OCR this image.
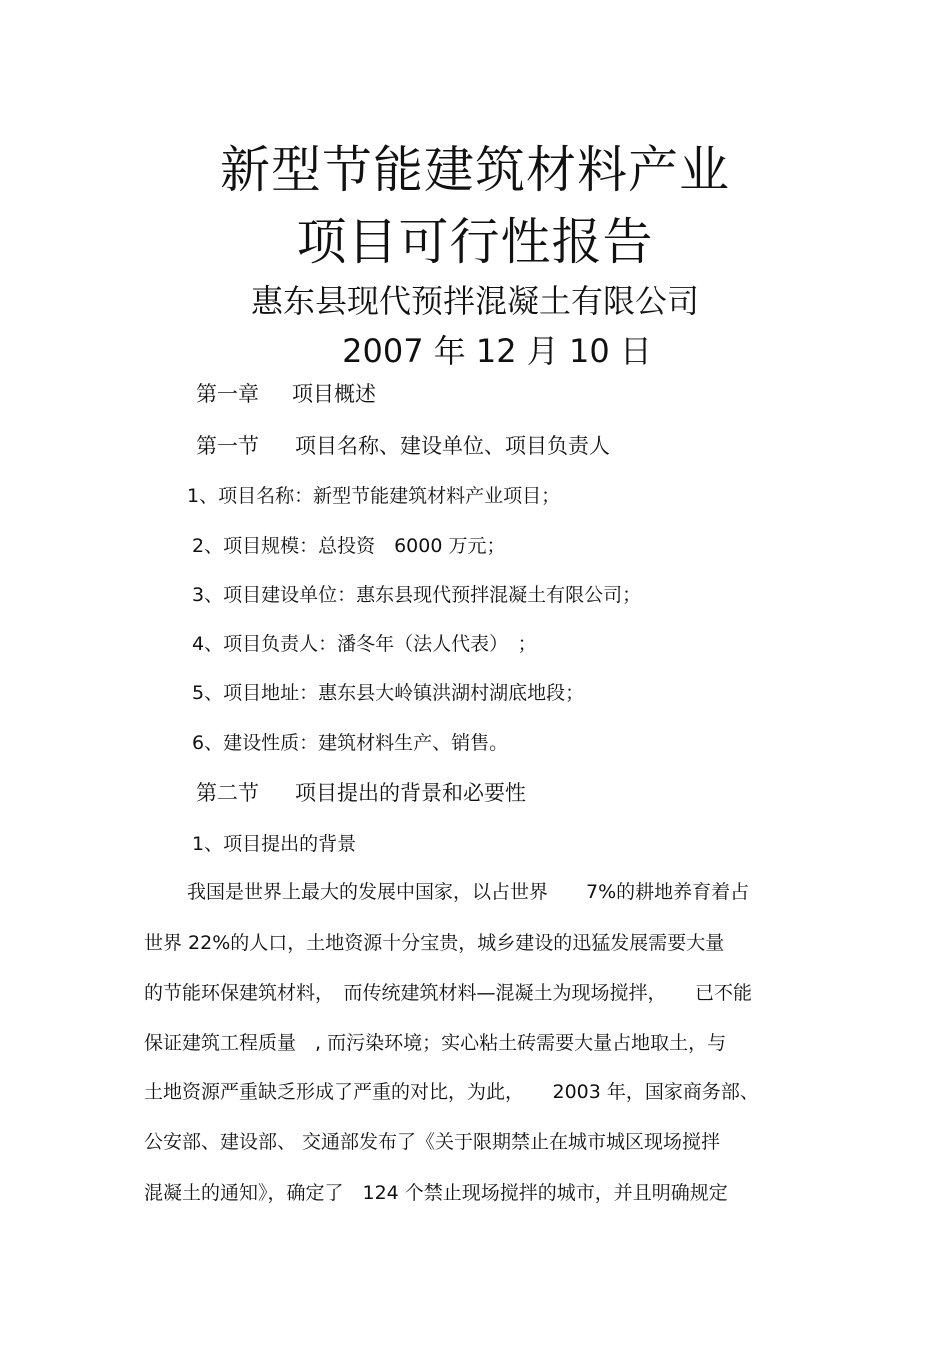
新型节能建筑材料产业
项目可行性报告
惠东县现代预拌混凝土有限公司
2007 年 12 月 10 日
第一章 项目概述
第一节 项目名称、建设单位、项目负责人
1、项目名称：新型节能建筑材料产业项目；
2、项目规模：总投资　6000 万元；
3、项目建设单位：惠东县现代预拌混凝土有限公司；
4、项目负责人：潘冬年（法人代表）　；
5、项目地址：惠东县大岭镇洪湖村湖底地段；
6、建设性质：建筑材料生产、销售。
第二节 项目提出的背景和必要性
1、项目提出的背景
我国是世界上最大的发展中国家，以占世界　　7%的耕地养育着占
世界 22%的人口，土地资源十分宝贵，城乡建设的迅猛发展需要大量
的节能环保建筑材料，　而传统建筑材料—混凝土为现场搅拌，　　已不能
保证建筑工程质量　, 而污染环境；实心粘土砖需要大量占地取土，与
土地资源严重缺乏形成了严重的对比，为此，　　2003 年，国家商务部、
公安部、建设部、 交通部发布了《关于限期禁止在城市城区现场搅拌
混凝土的通知》，确定了　124 个禁止现场搅拌的城市，并且明确规定
